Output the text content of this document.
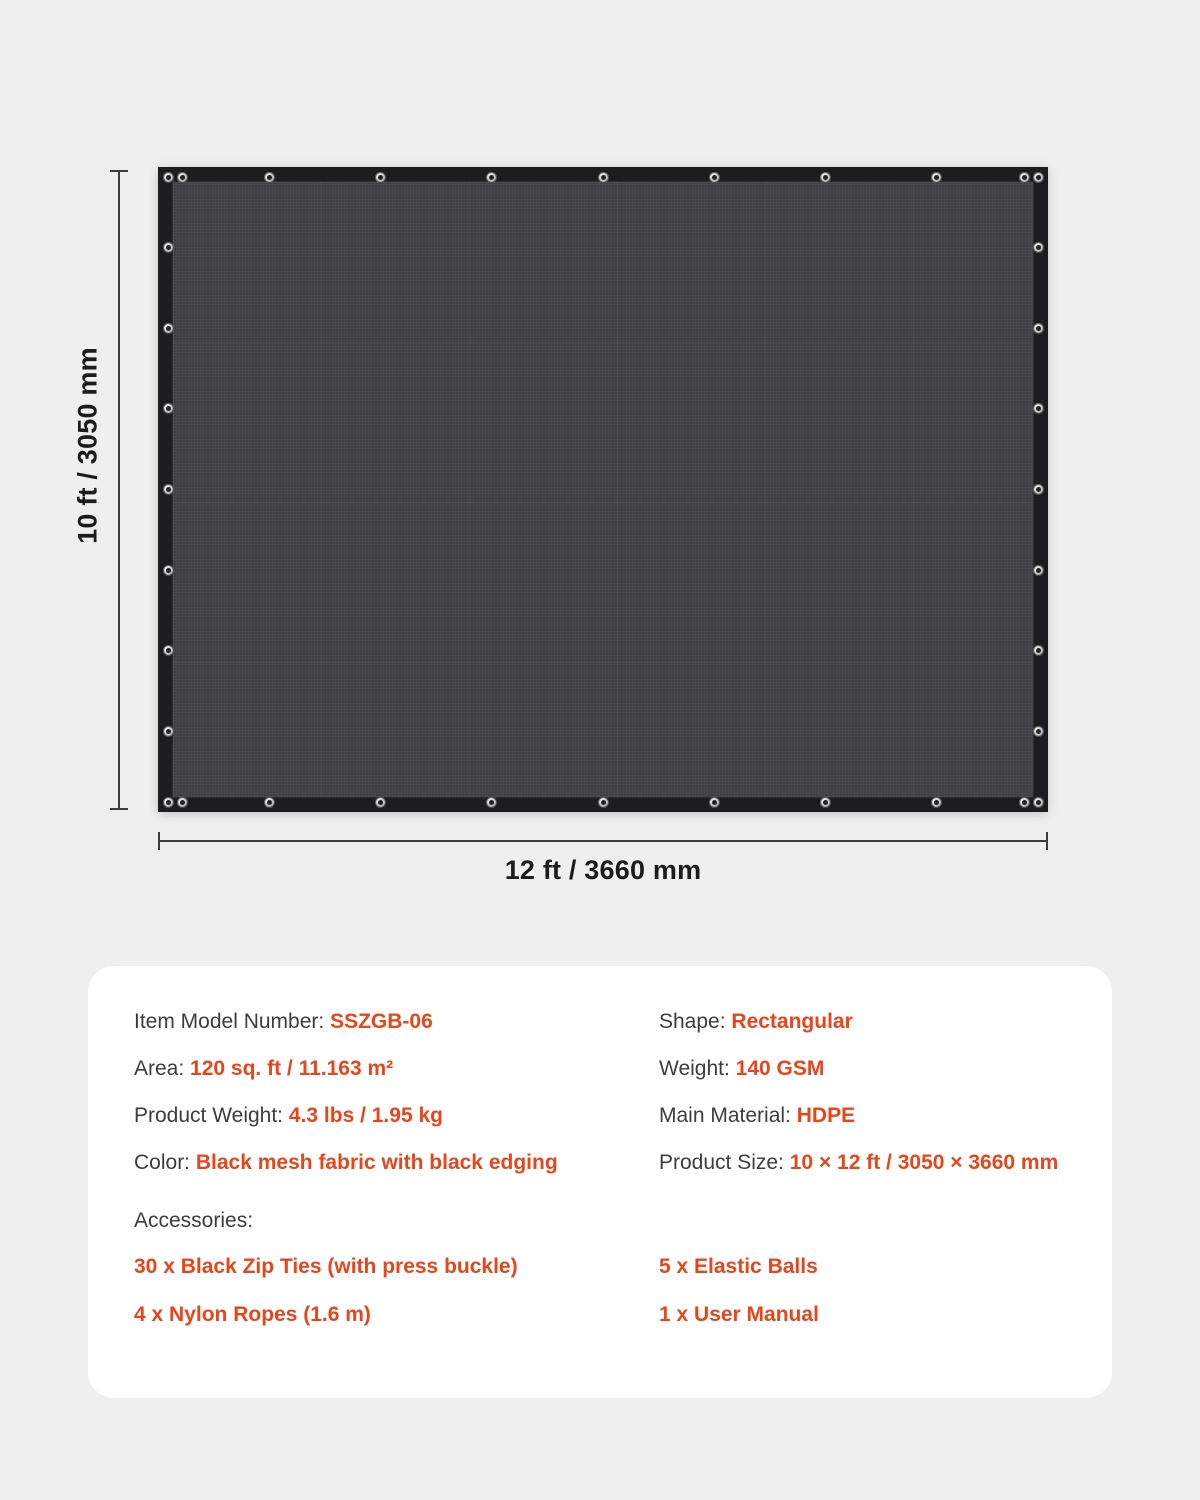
10 ft / 3050 mm
12 ft / 3660 mm
Item Model Number: SSZGB-06	Shape: Rectangular
Area: 120 sq. ft / 11.163 m²	Weight: 140 GSM
Product Weight: 4.3 lbs / 1.95 kg	Main Material: HDPE
Color: Black mesh fabric with black edging	Product Size: 10 × 12 ft / 3050 × 3660 mm
Accessories:
30 x Black Zip Ties (with press buckle)	5 x Elastic Balls
4 x Nylon Ropes (1.6 m)	1 x User Manual
